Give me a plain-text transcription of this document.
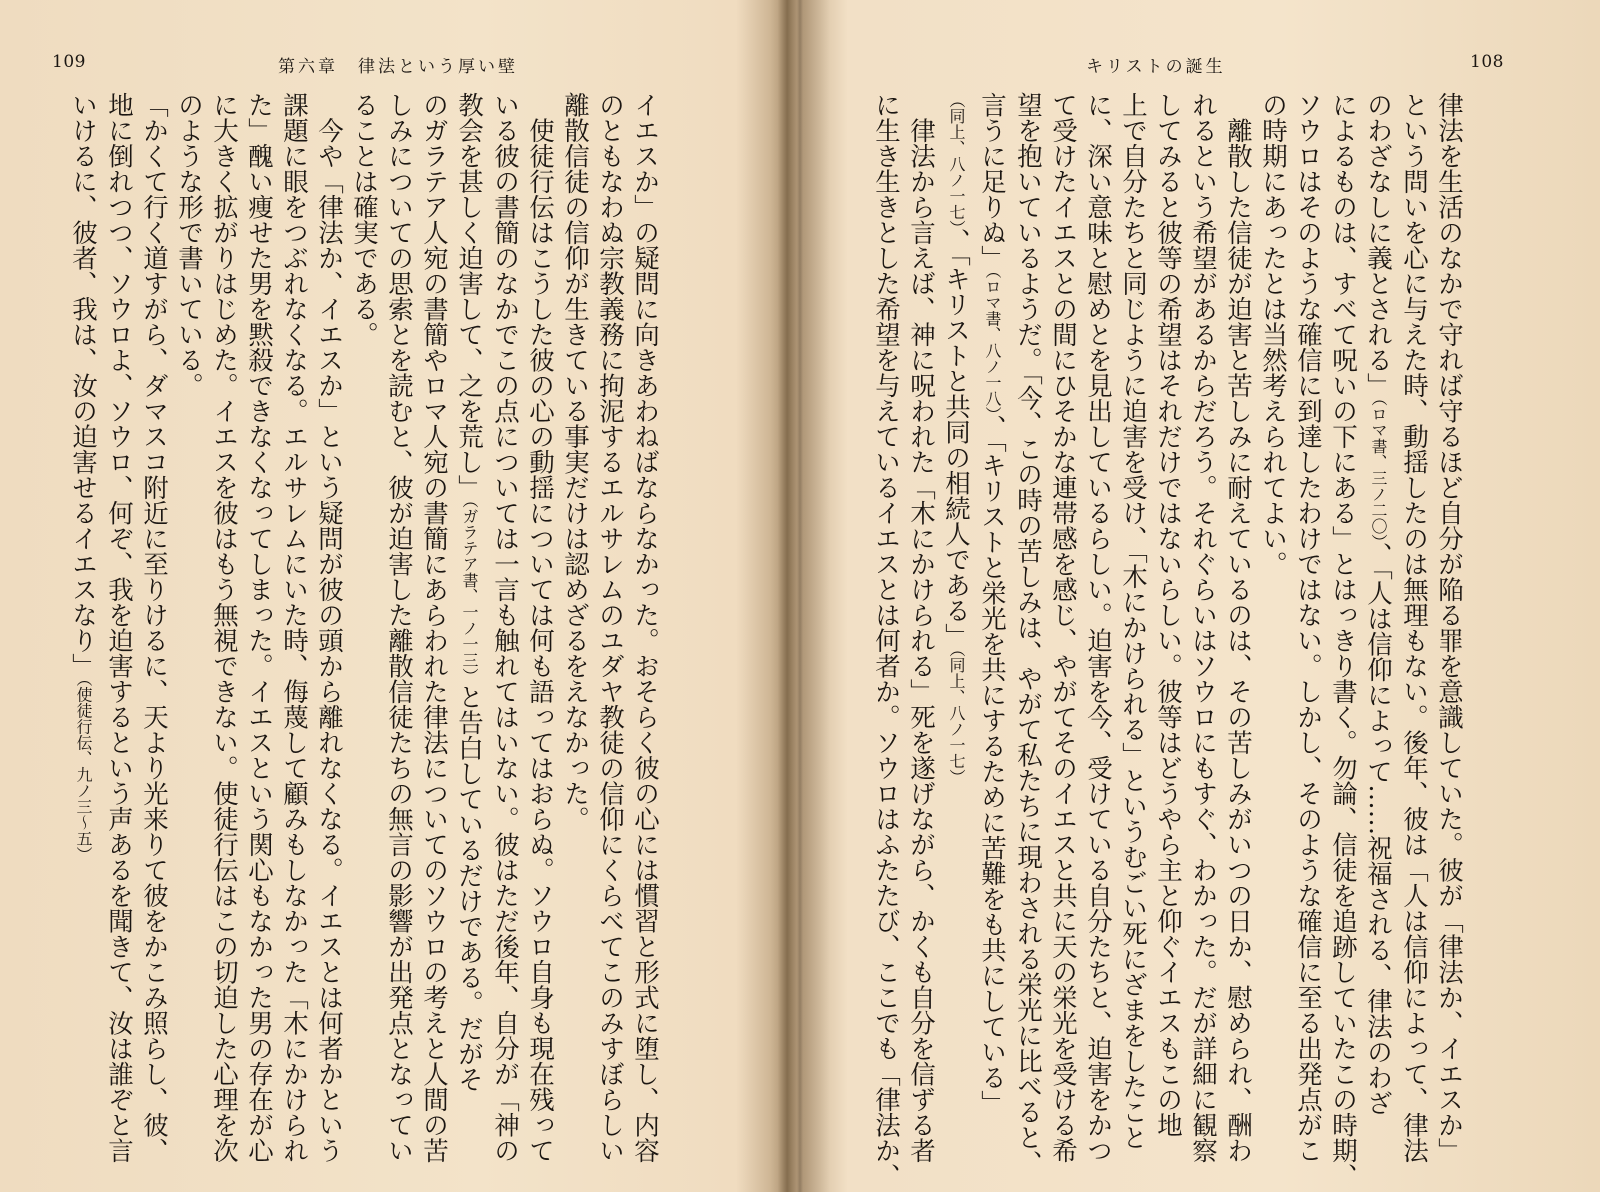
109	第六章　律法という厚い壁
イエスか」の疑問に向きあわねばならなかった。おそらく彼の心には慣習と形式に堕し、内容
のともなわぬ宗教義務に拘泥するエルサレムのユダヤ教徒の信仰にくらべてこのみすぼらしい
離散信徒の信仰が生きている事実だけは認めざるをえなかった。
　使徒行伝はこうした彼の心の動揺については何も語ってはおらぬ。ソウロ自身も現在残って
いる彼の書簡のなかでこの点については一言も触れてはいない。彼はただ後年、自分が「神の
教会を甚しく迫害して、之を荒し」（ガラテア書、一ノ一三）と告白しているだけである。だがそ
のガラテア人宛の書簡やロマ人宛の書簡にあらわれた律法についてのソウロの考えと人間の苦
しみについての思索とを読むと、彼が迫害した離散信徒たちの無言の影響が出発点となってい
ることは確実である。
　今や「律法か、イエスか」という疑問が彼の頭から離れなくなる。イエスとは何者かという
課題に眼をつぶれなくなる。エルサレムにいた時、侮蔑して顧みもしなかった「木にかけられ
た」醜い痩せた男を黙殺できなくなってしまった。イエスという関心もなかった男の存在が心
に大きく拡がりはじめた。イエスを彼はもう無視できない。使徒行伝はこの切迫した心理を次
のような形で書いている。
「かくて行く道すがら、ダマスコ附近に至りけるに、天より光来りて彼をかこみ照らし、彼、
地に倒れつつ、ソウロよ、ソウロ、何ぞ、我を迫害するという声あるを聞きて、汝は誰ぞと言
いけるに、彼者、我は、汝の迫害せるイエスなり」（使徒行伝、九ノ三〜五）
キリストの誕生	108
律法を生活のなかで守れば守るほど自分が陥る罪を意識していた。彼が「律法か、イエスか」
という問いを心に与えた時、動揺したのは無理もない。後年、彼は「人は信仰によって、律法
のわざなしに義とされる」（ロマ書、三ノ二〇）、「人は信仰によって……祝福される、律法のわざ
によるものは、すべて呪いの下にある」とはっきり書く。勿論、信徒を追跡していたこの時期、
ソウロはそのような確信に到達したわけではない。しかし、そのような確信に至る出発点がこ
の時期にあったとは当然考えられてよい。
　離散した信徒が迫害と苦しみに耐えているのは、その苦しみがいつの日か、慰められ、酬わ
れるという希望があるからだろう。それぐらいはソウロにもすぐ、わかった。だが詳細に観察
してみると彼等の希望はそれだけではないらしい。彼等はどうやら主と仰ぐイエスもこの地
上で自分たちと同じように迫害を受け、「木にかけられる」というむごい死にざまをしたこと
に、深い意味と慰めとを見出しているらしい。迫害を今、受けている自分たちと、迫害をかつ
て受けたイエスとの間にひそかな連帯感を感じ、やがてそのイエスと共に天の栄光を受ける希
望を抱いているようだ。「今、この時の苦しみは、やがて私たちに現わされる栄光に比べると、
言うに足りぬ」（ロマ書、八ノ一八）、「キリストと栄光を共にするために苦難をも共にしている」
（同上、八ノ一七）、「キリストと共同の相続人である」（同上、八ノ一七）
　律法から言えば、神に呪われた「木にかけられる」死を遂げながら、かくも自分を信ずる者
に生き生きとした希望を与えているイエスとは何者か。ソウロはふたたび、ここでも「律法か、
